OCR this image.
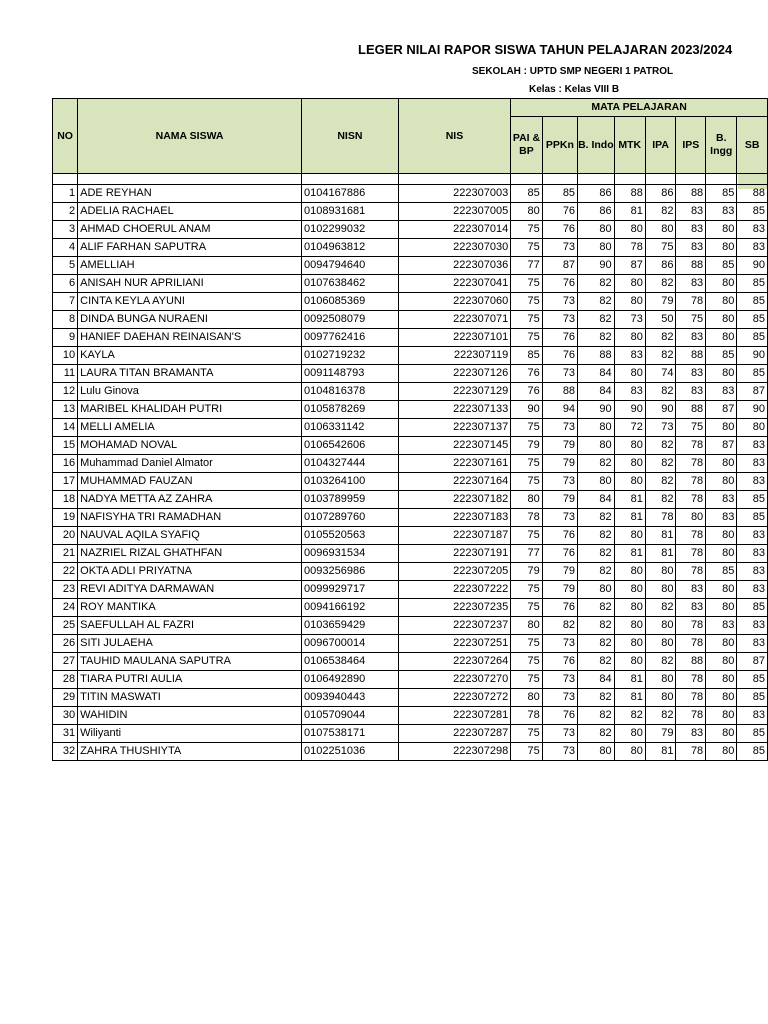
LEGER NILAI RAPOR SISWA TAHUN PELAJARAN 2023/2024
SEKOLAH : UPTD SMP NEGERI 1 PATROL
Kelas : Kelas VIII B
NO	NAMA SISWA	NISN	NIS	MATA PELAJARAN							
				PAI & BP	PPKn	B. Indo	MTK	IPA	IPS	B. Ingg	SB

1	ADE REYHAN	0104167886	222307003	85	85	86	88	86	88	85	88
2	ADELIA RACHAEL	0108931681	222307005	80	76	86	81	82	83	83	85
3	AHMAD CHOERUL ANAM	0102299032	222307014	75	76	80	80	80	83	80	83
4	ALIF FARHAN SAPUTRA	0104963812	222307030	75	73	80	78	75	83	80	83
5	AMELLIAH	0094794640	222307036	77	87	90	87	86	88	85	90
6	ANISAH NUR APRILIANI	0107638462	222307041	75	76	82	80	82	83	80	85
7	CINTA KEYLA AYUNI	0106085369	222307060	75	73	82	80	79	78	80	85
8	DINDA BUNGA NURAENI	0092508079	222307071	75	73	82	73	50	75	80	85
9	HANIEF DAEHAN REINAISAN'S	0097762416	222307101	75	76	82	80	82	83	80	85
10	KAYLA	0102719232	222307119	85	76	88	83	82	88	85	90
11	LAURA TITAN BRAMANTA	0091148793	222307126	76	73	84	80	74	83	80	85
12	Lulu Ginova	0104816378	222307129	76	88	84	83	82	83	83	87
13	MARIBEL KHALIDAH PUTRI	0105878269	222307133	90	94	90	90	90	88	87	90
14	MELLI AMELIA	0106331142	222307137	75	73	80	72	73	75	80	80
15	MOHAMAD NOVAL	0106542606	222307145	79	79	80	80	82	78	87	83
16	Muhammad Daniel Almator	0104327444	222307161	75	79	82	80	82	78	80	83
17	MUHAMMAD FAUZAN	0103264100	222307164	75	73	80	80	82	78	80	83
18	NADYA METTA AZ ZAHRA	0103789959	222307182	80	79	84	81	82	78	83	85
19	NAFISYHA TRI RAMADHAN	0107289760	222307183	78	73	82	81	78	80	83	85
20	NAUVAL AQILA SYAFIQ	0105520563	222307187	75	76	82	80	81	78	80	83
21	NAZRIEL RIZAL GHATHFAN	0096931534	222307191	77	76	82	81	81	78	80	83
22	OKTA ADLI PRIYATNA	0093256986	222307205	79	79	82	80	80	78	85	83
23	REVI ADITYA DARMAWAN	0099929717	222307222	75	79	80	80	80	83	80	83
24	ROY MANTIKA	0094166192	222307235	75	76	82	80	82	83	80	85
25	SAEFULLAH AL FAZRI	0103659429	222307237	80	82	82	80	80	78	83	83
26	SITI JULAEHA	0096700014	222307251	75	73	82	80	80	78	80	83
27	TAUHID MAULANA SAPUTRA	0106538464	222307264	75	76	82	80	82	88	80	87
28	TIARA PUTRI AULIA	0106492890	222307270	75	73	84	81	80	78	80	85
29	TITIN MASWATI	0093940443	222307272	80	73	82	81	80	78	80	85
30	WAHIDIN	0105709044	222307281	78	76	82	82	82	78	80	83
31	Wiliyanti	0107538171	222307287	75	73	82	80	79	83	80	85
32	ZAHRA THUSHIYTA	0102251036	222307298	75	73	80	80	81	78	80	85
